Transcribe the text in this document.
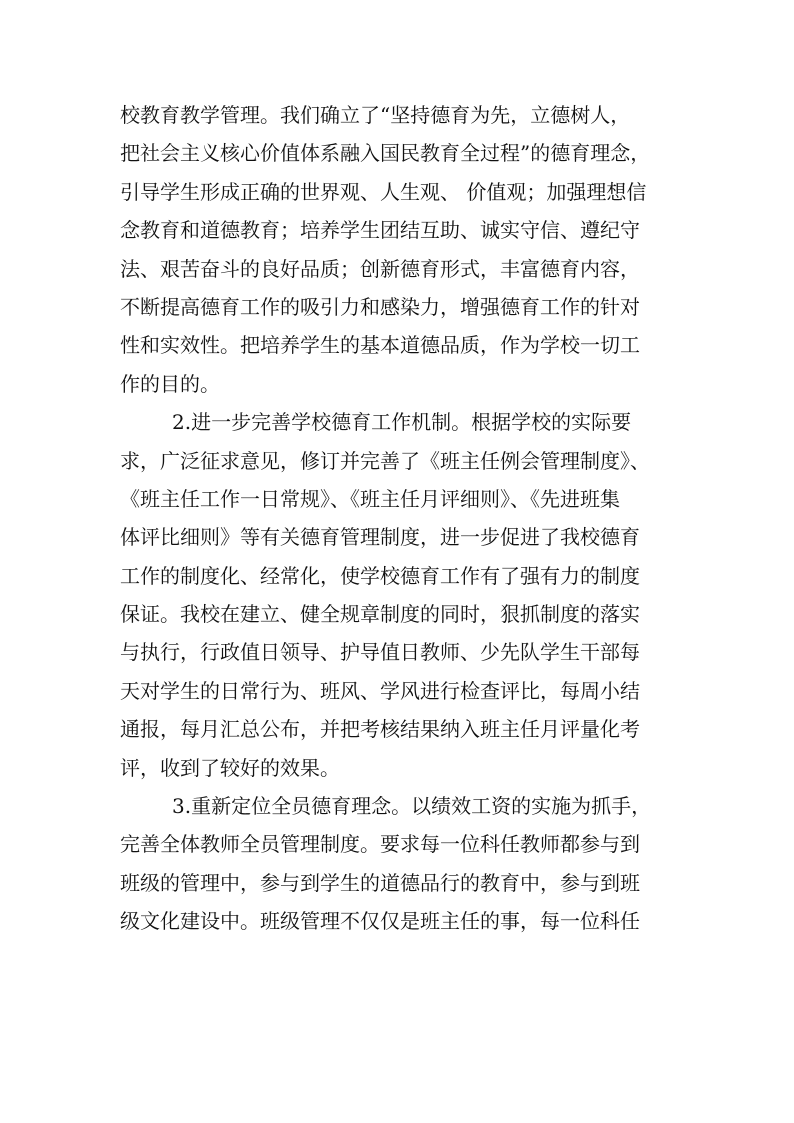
校教育教学管理。我们确立了“坚持德育为先，立德树人，
把社会主义核心价值体系融入国民教育全过程”的德育理念，
引导学生形成正确的世界观、人生观、 价值观；加强理想信
念教育和道德教育；培养学生团结互助、诚实守信、遵纪守
法、艰苦奋斗的良好品质；创新德育形式，丰富德育内容，
不断提高德育工作的吸引力和感染力，增强德育工作的针对
性和实效性。把培养学生的基本道德品质，作为学校一切工
作的目的。
2.进一步完善学校德育工作机制。根据学校的实际要
求，广泛征求意见，修订并完善了《班主任例会管理制度》、
《班主任工作一日常规》、《班主任月评细则》、《先进班集
体评比细则》等有关德育管理制度，进一步促进了我校德育
工作的制度化、经常化，使学校德育工作有了强有力的制度
保证。我校在建立、健全规章制度的同时，狠抓制度的落实
与执行，行政值日领导、护导值日教师、少先队学生干部每
天对学生的日常行为、班风、学风进行检查评比，每周小结
通报，每月汇总公布，并把考核结果纳入班主任月评量化考
评，收到了较好的效果。
3.重新定位全员德育理念。以绩效工资的实施为抓手，
完善全体教师全员管理制度。要求每一位科任教师都参与到
班级的管理中，参与到学生的道德品行的教育中，参与到班
级文化建设中。班级管理不仅仅是班主任的事，每一位科任
